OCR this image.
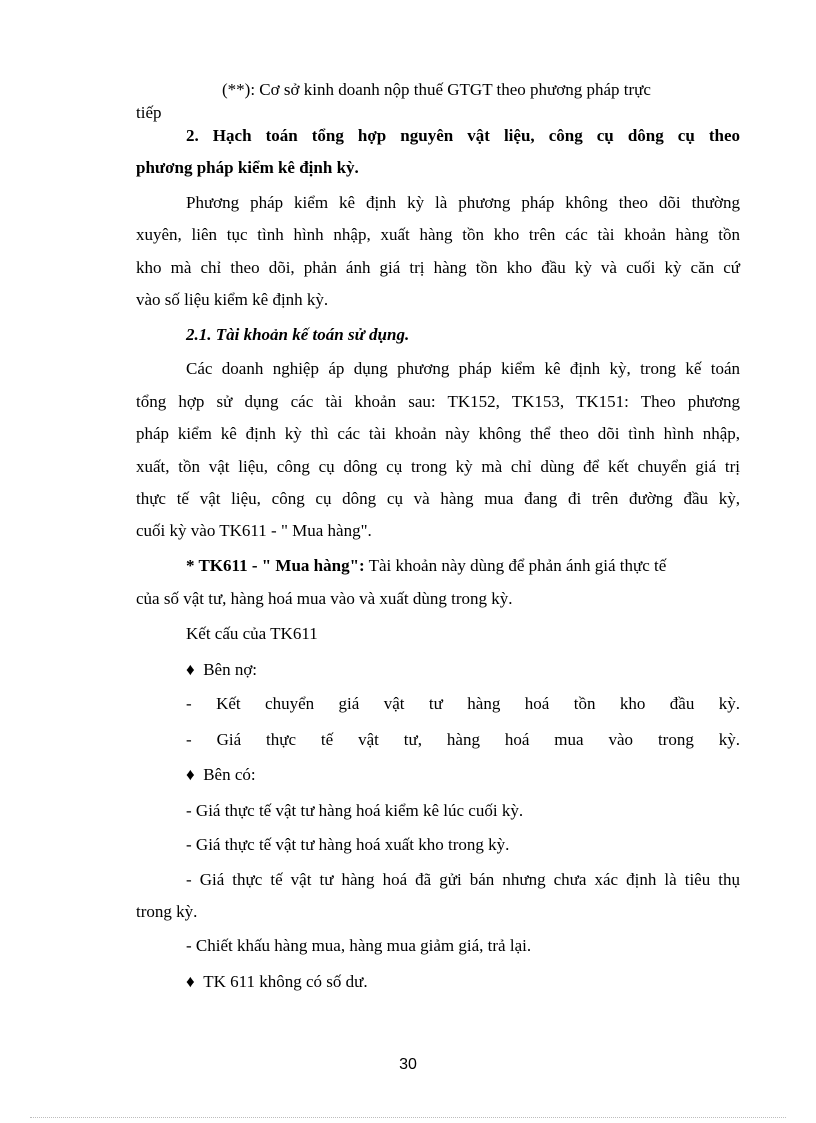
(**): Cơ sở kinh doanh nộp thuế GTGT theo phương pháp trực
tiếp
2. Hạch toán tổng hợp nguyên vật liệu, công cụ dông cụ theo
phương pháp kiểm kê định kỳ.
Phương pháp kiểm kê định kỳ là phương pháp không theo dõi thường
xuyên, liên tục tình hình nhập, xuất hàng tồn kho trên các tài khoản hàng tồn
kho mà chỉ theo dõi, phản ánh giá trị hàng tồn kho đầu kỳ và cuối kỳ căn cứ
vào số liệu kiểm kê định kỳ.
2.1. Tài khoản kế toán sử dụng.
Các doanh nghiệp áp dụng phương pháp kiểm kê định kỳ, trong kế toán
tổng hợp sử dụng các tài khoản sau: TK152, TK153, TK151: Theo phương
pháp kiểm kê định kỳ thì các tài khoản này không thể theo dõi tình hình nhập,
xuất, tồn vật liệu, công cụ dông cụ trong kỳ mà chỉ dùng để kết chuyển giá trị
thực tế vật liệu, công cụ dông cụ và hàng mua đang đi trên đường đầu kỳ,
cuối kỳ vào TK611 - " Mua hàng".
* TK611 - " Mua hàng": Tài khoản này dùng để phản ánh giá thực tế
của số vật tư, hàng hoá mua vào và xuất dùng trong kỳ.
Kết cấu của TK611
♦ Bên nợ:
- Kết chuyển giá vật tư hàng hoá tồn kho đầu kỳ.
- Giá thực tế vật tư, hàng hoá mua vào trong kỳ.
♦ Bên có:
- Giá thực tế vật tư hàng hoá kiểm kê lúc cuối kỳ.
- Giá thực tế vật tư hàng hoá xuất kho trong kỳ.
- Giá thực tế vật tư hàng hoá đã gửi bán nhưng chưa xác định là tiêu thụ
trong kỳ.
- Chiết khấu hàng mua, hàng mua giảm giá, trả lại.
♦ TK 611 không có số dư.
30
